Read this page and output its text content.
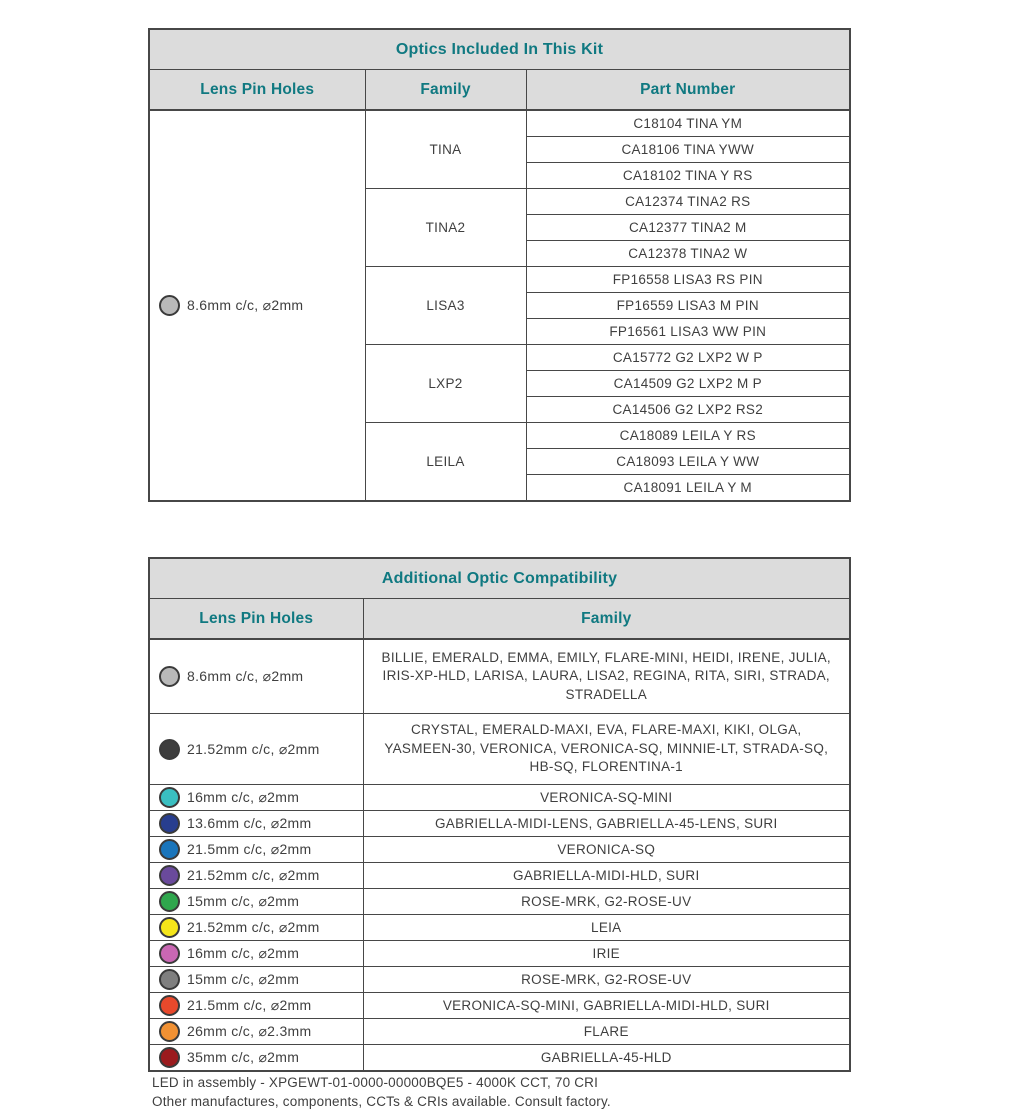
Optics Included In This Kit		
Lens Pin Holes	Family	Part Number
8.6mm c/c, ⌀2mm	TINA	C18104 TINA YM
		CA18106 TINA YWW
		CA18102 TINA Y RS
	TINA2	CA12374 TINA2 RS
		CA12377 TINA2 M
		CA12378 TINA2 W
	LISA3	FP16558 LISA3 RS PIN
		FP16559 LISA3 M PIN
		FP16561 LISA3 WW PIN
	LXP2	CA15772 G2 LXP2 W P
		CA14509 G2 LXP2 M P
		CA14506 G2 LXP2 RS2
	LEILA	CA18089 LEILA Y RS
		CA18093 LEILA Y WW
		CA18091 LEILA Y M
Additional Optic Compatibility	
Lens Pin Holes	Family
8.6mm c/c, ⌀2mm	BILLIE, EMERALD, EMMA, EMILY, FLARE-MINI, HEIDI, IRENE, JULIA, IRIS-XP-HLD, LARISA, LAURA, LISA2, REGINA, RITA, SIRI, STRADA, STRADELLA
21.52mm c/c, ⌀2mm	CRYSTAL, EMERALD-MAXI, EVA, FLARE-MAXI, KIKI, OLGA, YASMEEN-30, VERONICA, VERONICA-SQ, MINNIE-LT, STRADA-SQ, HB-SQ, FLORENTINA-1
16mm c/c, ⌀2mm	VERONICA-SQ-MINI
13.6mm c/c, ⌀2mm	GABRIELLA-MIDI-LENS, GABRIELLA-45-LENS, SURI
21.5mm c/c, ⌀2mm	VERONICA-SQ
21.52mm c/c, ⌀2mm	GABRIELLA-MIDI-HLD, SURI
15mm c/c, ⌀2mm	ROSE-MRK, G2-ROSE-UV
21.52mm c/c, ⌀2mm	LEIA
16mm c/c, ⌀2mm	IRIE
15mm c/c, ⌀2mm	ROSE-MRK, G2-ROSE-UV
21.5mm c/c, ⌀2mm	VERONICA-SQ-MINI, GABRIELLA-MIDI-HLD, SURI
26mm c/c, ⌀2.3mm	FLARE
35mm c/c, ⌀2mm	GABRIELLA-45-HLD
LED in assembly - XPGEWT-01-0000-00000BQE5 - 4000K CCT, 70 CRI
Other manufactures, components, CCTs & CRIs available. Consult factory.
